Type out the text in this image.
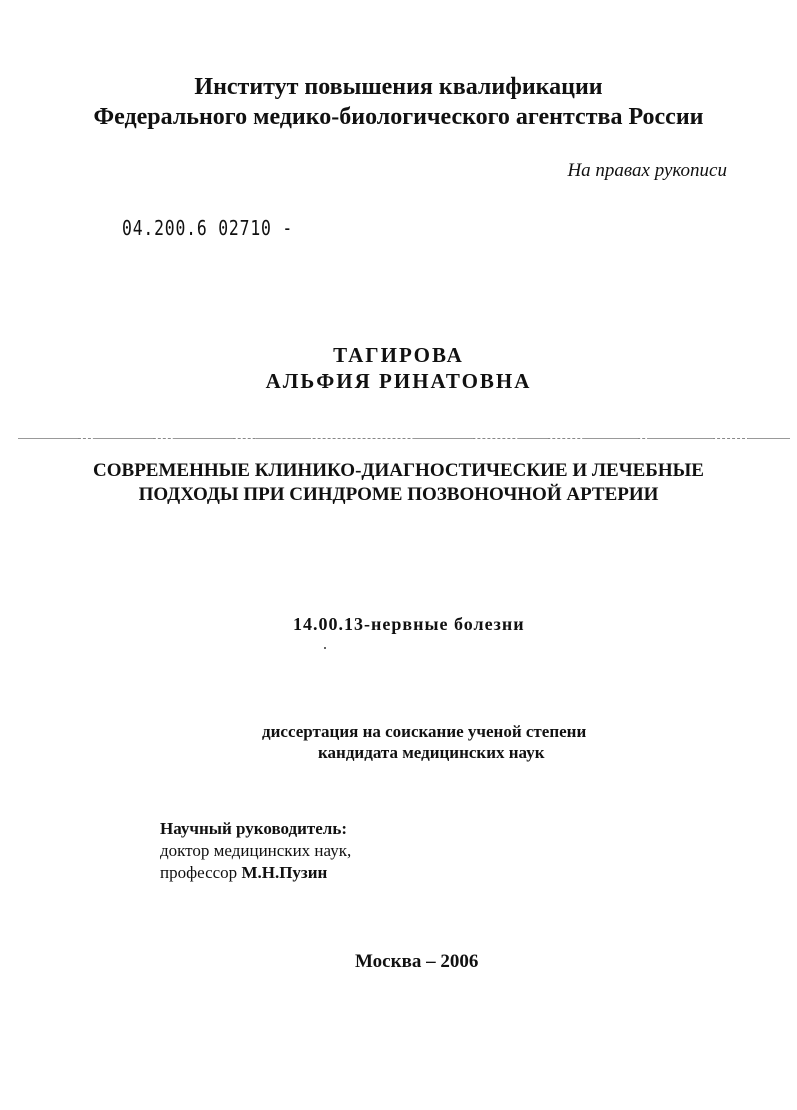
Институт повышения квалификации
Федерального медико-биологического агентства России
На правах рукописи
04.200.6 02710 -
ТАГИРОВА
АЛЬФИЯ РИНАТОВНА
СОВРЕМЕННЫЕ КЛИНИКО-ДИАГНОСТИЧЕСКИЕ И ЛЕЧЕБНЫЕ
ПОДХОДЫ ПРИ СИНДРОМЕ ПОЗВОНОЧНОЙ АРТЕРИИ
14.00.13-нервные болезни
диссертация на соискание ученой степени
кандидата медицинских наук
Научный руководитель:
доктор медицинских наук,
профессор М.Н.Пузин
Москва – 2006
